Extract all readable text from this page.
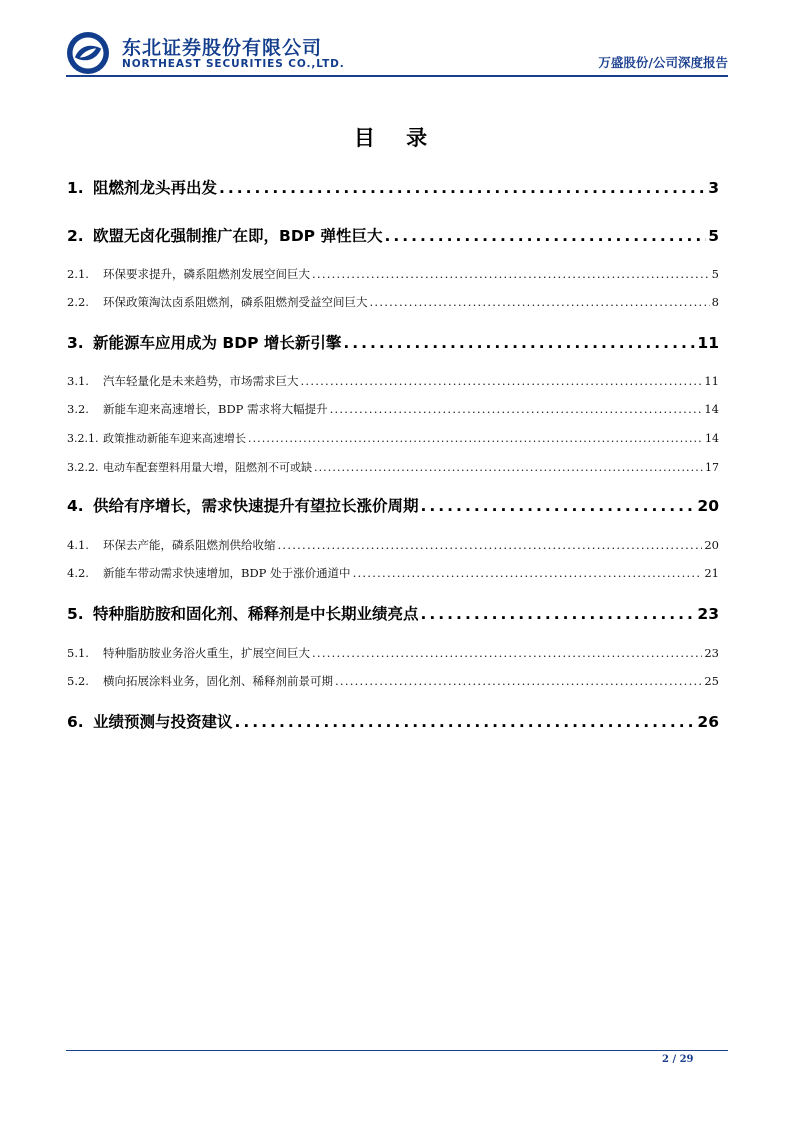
东北证券股份有限公司
NORTHEAST SECURITIES CO.,LTD.	万盛股份/公司深度报告
目 录
1. 阻燃剂龙头再出发 . . .	3
2. 欧盟无卤化强制推广在即，BDP 弹性巨大 . . .	5
2.1.	环保要求提升，磷系阻燃剂发展空间巨大 . . .	5
2.2.	环保政策淘汰卤系阻燃剂，磷系阻燃剂受益空间巨大 . . .	8
3. 新能源车应用成为 BDP 增长新引擎 . . .	11
3.1.	汽车轻量化是未来趋势，市场需求巨大 . . .	11
3.2.	新能车迎来高速增长，BDP 需求将大幅提升 . . .	14
3.2.1. 政策推动新能车迎来高速增长 . . .	14
3.2.2. 电动车配套塑料用量大增，阻燃剂不可或缺 . . .	17
4. 供给有序增长，需求快速提升有望拉长涨价周期 . . .	20
4.1.	环保去产能，磷系阻燃剂供给收缩 . . .	20
4.2.	新能车带动需求快速增加，BDP 处于涨价通道中 . . .	21
5. 特种脂肪胺和固化剂、稀释剂是中长期业绩亮点 . . .	23
5.1.	特种脂肪胺业务浴火重生，扩展空间巨大 . . .	23
5.2.	横向拓展涂料业务，固化剂、稀释剂前景可期 . . .	25
6. 业绩预测与投资建议 . . .	26
2 / 29
